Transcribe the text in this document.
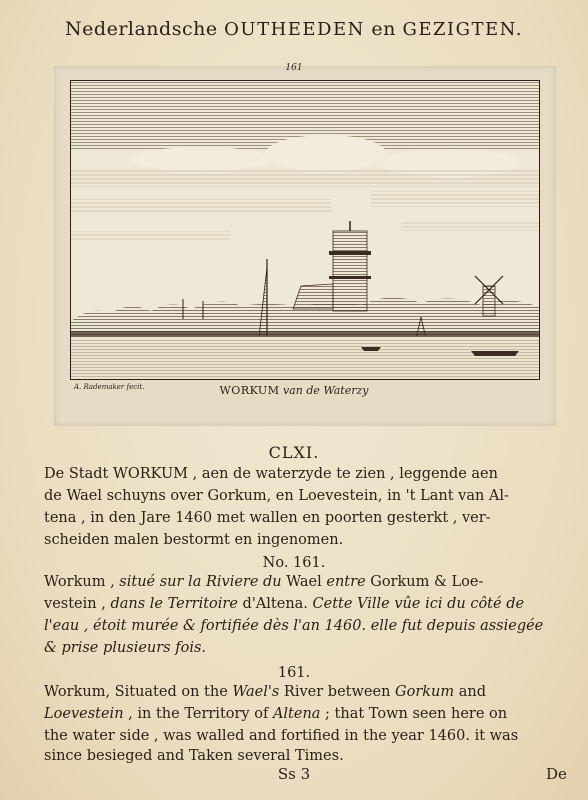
Nederlandsche OUTHEEDEN en GEZIGTEN.
161
A. Rademaker fecit.	WORKUM van de Waterzy
CLXI.
De Stadt WORKUM , aen de waterzyde te zien , leggende aen
de Wael schuyns over Gorkum, en Loevestein, in 't Lant van Al-
tena , in den Jare 1460 met wallen en poorten gesterkt , ver-
scheiden malen bestormt en ingenomen.
No. 161.
Workum , situé sur la Riviere du Wael entre Gorkum & Loe-
vestein , dans le Territoire d'Altena. Cette Ville vûe ici du côté de
l'eau , étoit murée & fortifiée dès l'an 1460. elle fut depuis assiegée
& prise plusieurs fois.
161.
Workum, Situated on the Wael's River between Gorkum and
Loevestein , in the Territory of Altena ; that Town seen here on
the water side , was walled and fortified in the year 1460. it was
since besieged and Taken several Times.
Ss 3	De
